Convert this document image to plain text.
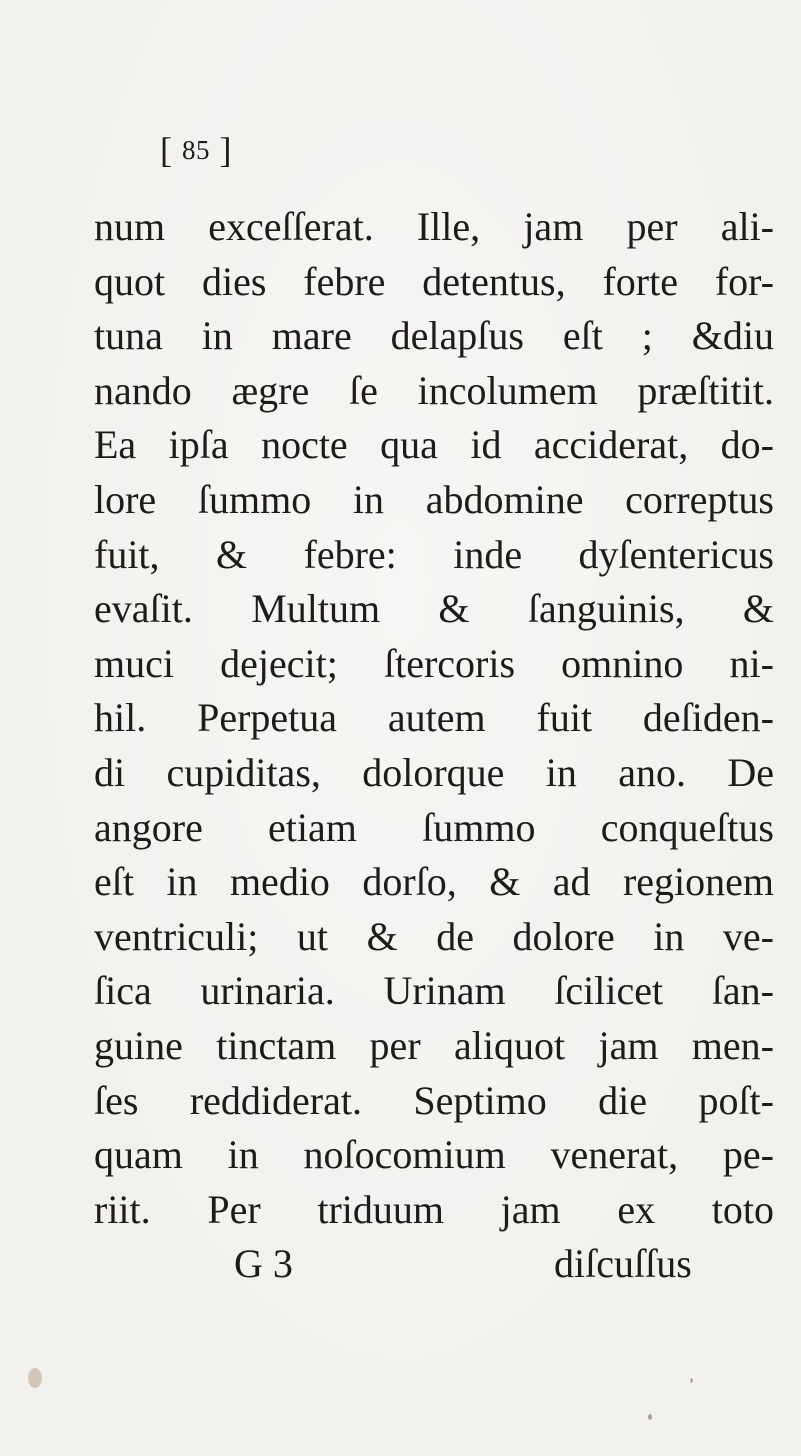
[ 85 ]
num exceſſerat. Ille, jam per ali-
quot dies febre detentus, forte for-
tuna in mare delapſus eſt ; &diu
nando ægre ſe incolumem præſtitit.
Ea ipſa nocte qua id acciderat, do-
lore ſummo in abdomine correptus
fuit, & febre: inde dyſentericus
evaſit. Multum & ſanguinis, &
muci dejecit; ſtercoris omnino ni-
hil. Perpetua autem fuit deſiden-
di cupiditas, dolorque in ano. De
angore etiam ſummo conqueſtus
eſt in medio dorſo, & ad regionem
ventriculi; ut & de dolore in ve-
ſica urinaria. Urinam ſcilicet ſan-
guine tinctam per aliquot jam men-
ſes reddiderat. Septimo die poſt-
quam in noſocomium venerat, pe-
riit. Per triduum jam ex toto
G 3	diſcuſſus
